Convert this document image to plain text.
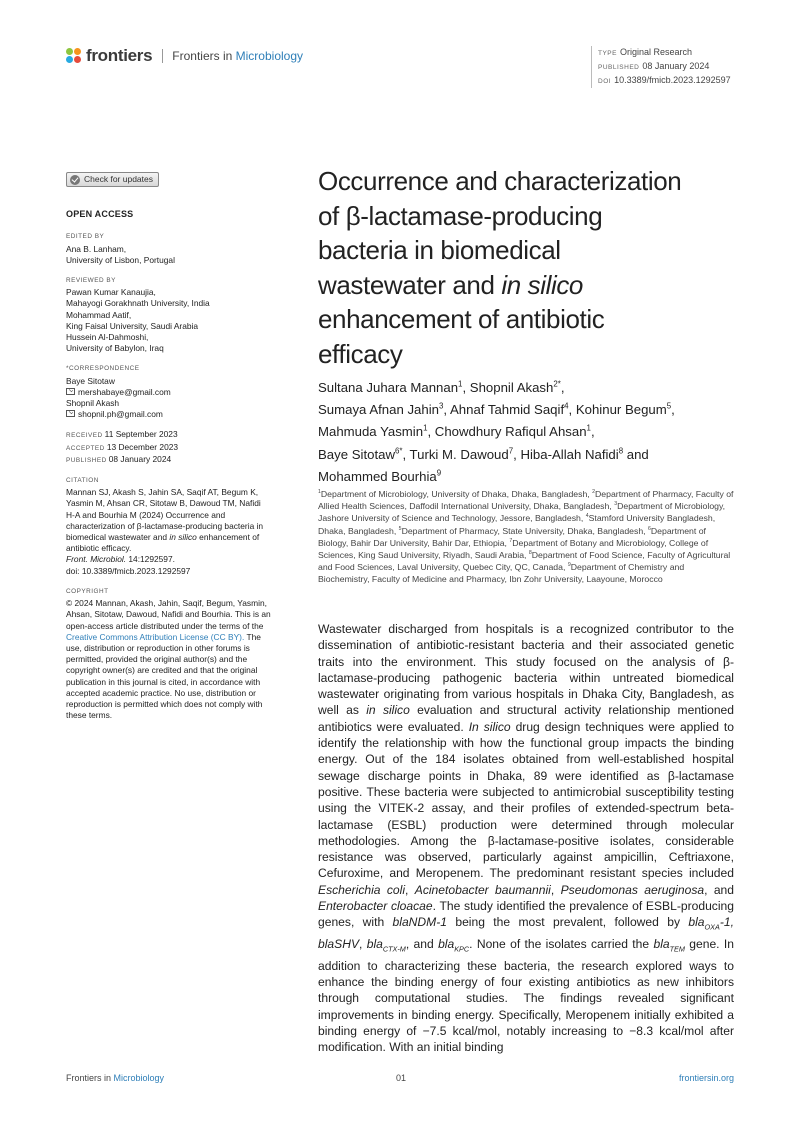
frontiers Frontiers in Microbiology	TYPE Original Research
PUBLISHED 08 January 2024
DOI 10.3389/fmicb.2023.1292597
Check for updates
OPEN ACCESS
EDITED BY
Ana B. Lanham,
University of Lisbon, Portugal
REVIEWED BY
Pawan Kumar Kanaujia,
Mahayogi Gorakhnath University, India
Mohammad Aatif,
King Faisal University, Saudi Arabia
Hussein Al-Dahmoshi,
University of Babylon, Iraq
*CORRESPONDENCE
Baye Sitotaw
mershabaye@gmail.com
Shopnil Akash
shopnil.ph@gmail.com
RECEIVED 11 September 2023
ACCEPTED 13 December 2023
PUBLISHED 08 January 2024
CITATION
Mannan SJ, Akash S, Jahin SA, Saqif AT, Begum K, Yasmin M, Ahsan CR, Sitotaw B, Dawoud TM, Nafidi H-A and Bourhia M (2024) Occurrence and characterization of β-lactamase-producing bacteria in biomedical wastewater and in silico enhancement of antibiotic efficacy.
Front. Microbiol. 14:1292597.
doi: 10.3389/fmicb.2023.1292597
COPYRIGHT
© 2024 Mannan, Akash, Jahin, Saqif, Begum, Yasmin, Ahsan, Sitotaw, Dawoud, Nafidi and Bourhia. This is an open-access article distributed under the terms of the Creative Commons Attribution License (CC BY). The use, distribution or reproduction in other forums is permitted, provided the original author(s) and the copyright owner(s) are credited and that the original publication in this journal is cited, in accordance with accepted academic practice. No use, distribution or reproduction is permitted which does not comply with these terms.
Occurrence and characterization
of β-lactamase-producing
bacteria in biomedical
wastewater and in silico
enhancement of antibiotic
efficacy
Sultana Juhara Mannan$^1$, Shopnil Akash$^{2*}$,
Sumaya Afnan Jahin$^3$, Ahnaf Tahmid Saqif$^4$, Kohinur Begum$^5$,
Mahmuda Yasmin$^1$, Chowdhury Rafiqul Ahsan$^1$,
Baye Sitotaw$^{6*}$, Turki M. Dawoud$^7$, Hiba-Allah Nafidi$^8$ and
Mohammed Bourhia$^9$
$^1$Department of Microbiology, University of Dhaka, Dhaka, Bangladesh, $^2$Department of Pharmacy, Faculty of Allied Health Sciences, Daffodil International University, Dhaka, Bangladesh, $^3$Department of Microbiology, Jashore University of Science and Technology, Jessore, Bangladesh, $^4$Stamford University Bangladesh, Dhaka, Bangladesh, $^5$Department of Pharmacy, State University, Dhaka, Bangladesh, $^6$Department of Biology, Bahir Dar University, Bahir Dar, Ethiopia, $^7$Department of Botany and Microbiology, College of Sciences, King Saud University, Riyadh, Saudi Arabia, $^8$Department of Food Science, Faculty of Agricultural and Food Sciences, Laval University, Quebec City, QC, Canada, $^9$Department of Chemistry and Biochemistry, Faculty of Medicine and Pharmacy, Ibn Zohr University, Laayoune, Morocco

Wastewater discharged from hospitals is a recognized contributor to the dissemination of antibiotic-resistant bacteria and their associated genetic traits into the environment. This study focused on the analysis of β-lactamase-producing pathogenic bacteria within untreated biomedical wastewater originating from various hospitals in Dhaka City, Bangladesh, as well as in silico evaluation and structural activity relationship mentioned antibiotics were evaluated. In silico drug design techniques were applied to identify the relationship with how the functional group impacts the binding energy. Out of the 184 isolates obtained from well-established hospital sewage discharge points in Dhaka, 89 were identified as β-lactamase positive. These bacteria were subjected to antimicrobial susceptibility testing using the VITEK-2 assay, and their profiles of extended-spectrum beta-lactamase (ESBL) production were determined through molecular methodologies. Among the β-lactamase-positive isolates, considerable resistance was observed, particularly against ampicillin, Ceftriaxone, Cefuroxime, and Meropenem. The predominant resistant species included Escherichia coli, Acinetobacter baumannii, Pseudomonas aeruginosa, and Enterobacter cloacae. The study identified the prevalence of ESBL-producing genes, with blaNDM-1 being the most prevalent, followed by bla$_{OXA}$-1, blaSHV, bla$_{CTX-M}$, and bla$_{KPC}$. None of the isolates carried the bla$_{TEM}$ gene. In addition to characterizing these bacteria, the research explored ways to enhance the binding energy of four existing antibiotics as new inhibitors through computational studies. The findings revealed significant improvements in binding energy. Specifically, Meropenem initially exhibited a binding energy of −7.5 kcal/mol, notably increasing to −8.3 kcal/mol after modification. With an initial binding

Frontiers in Microbiology	01	frontiersin.org
